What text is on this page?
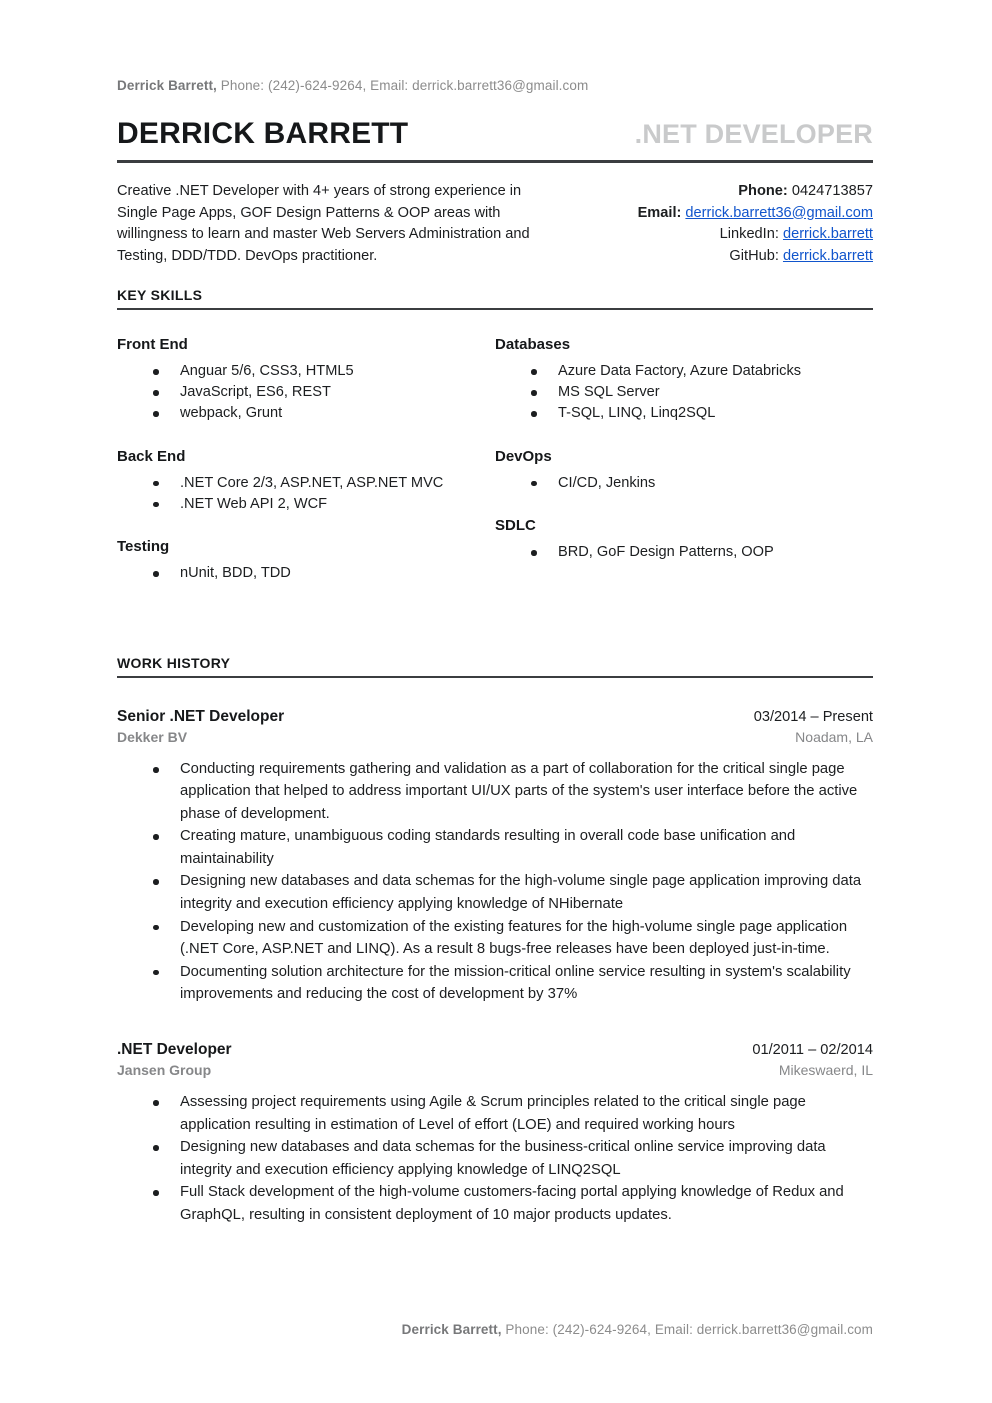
Derrick Barrett, Phone: (242)-624-9264, Email: derrick.barrett36@gmail.com
DERRICK BARRETT	.NET DEVELOPER
Creative .NET Developer with 4+ years of strong experience in Single Page Apps, GOF Design Patterns & OOP areas with willingness to learn and master Web Servers Administration and Testing, DDD/TDD. DevOps practitioner.
Phone: 0424713857
Email: derrick.barrett36@gmail.com
LinkedIn: derrick.barrett
GitHub: derrick.barrett
KEY SKILLS
Front End
Anguar 5/6, CSS3, HTML5
JavaScript, ES6, REST
webpack, Grunt
Back End
.NET Core 2/3, ASP.NET, ASP.NET MVC
.NET Web API 2, WCF
Testing
nUnit, BDD, TDD
Databases
Azure Data Factory, Azure Databricks
MS SQL Server
T-SQL, LINQ, Linq2SQL
DevOps
CI/CD, Jenkins
SDLC
BRD, GoF Design Patterns, OOP
WORK HISTORY
Senior .NET Developer	03/2014 – Present
Dekker BV	Noadam, LA
Conducting requirements gathering and validation as a part of collaboration for the critical single page application that helped to address important UI/UX parts of the system's user interface before the active phase of development.
Creating mature, unambiguous coding standards resulting in overall code base unification and maintainability
Designing new databases and data schemas for the high-volume single page application improving data integrity and execution efficiency applying knowledge of NHibernate
Developing new and customization of the existing features for the high-volume single page application (.NET Core, ASP.NET and LINQ). As a result 8 bugs-free releases have been deployed just-in-time.
Documenting solution architecture for the mission-critical online service resulting in system's scalability improvements and reducing the cost of development by 37%
.NET Developer	01/2011 – 02/2014
Jansen Group	Mikeswaerd, IL
Assessing project requirements using Agile & Scrum principles related to the critical single page application resulting in estimation of Level of effort (LOE) and required working hours
Designing new databases and data schemas for the business-critical online service improving data integrity and execution efficiency applying knowledge of LINQ2SQL
Full Stack development of the high-volume customers-facing portal applying knowledge of Redux and GraphQL, resulting in consistent deployment of 10 major products updates.
Derrick Barrett, Phone: (242)-624-9264, Email: derrick.barrett36@gmail.com
